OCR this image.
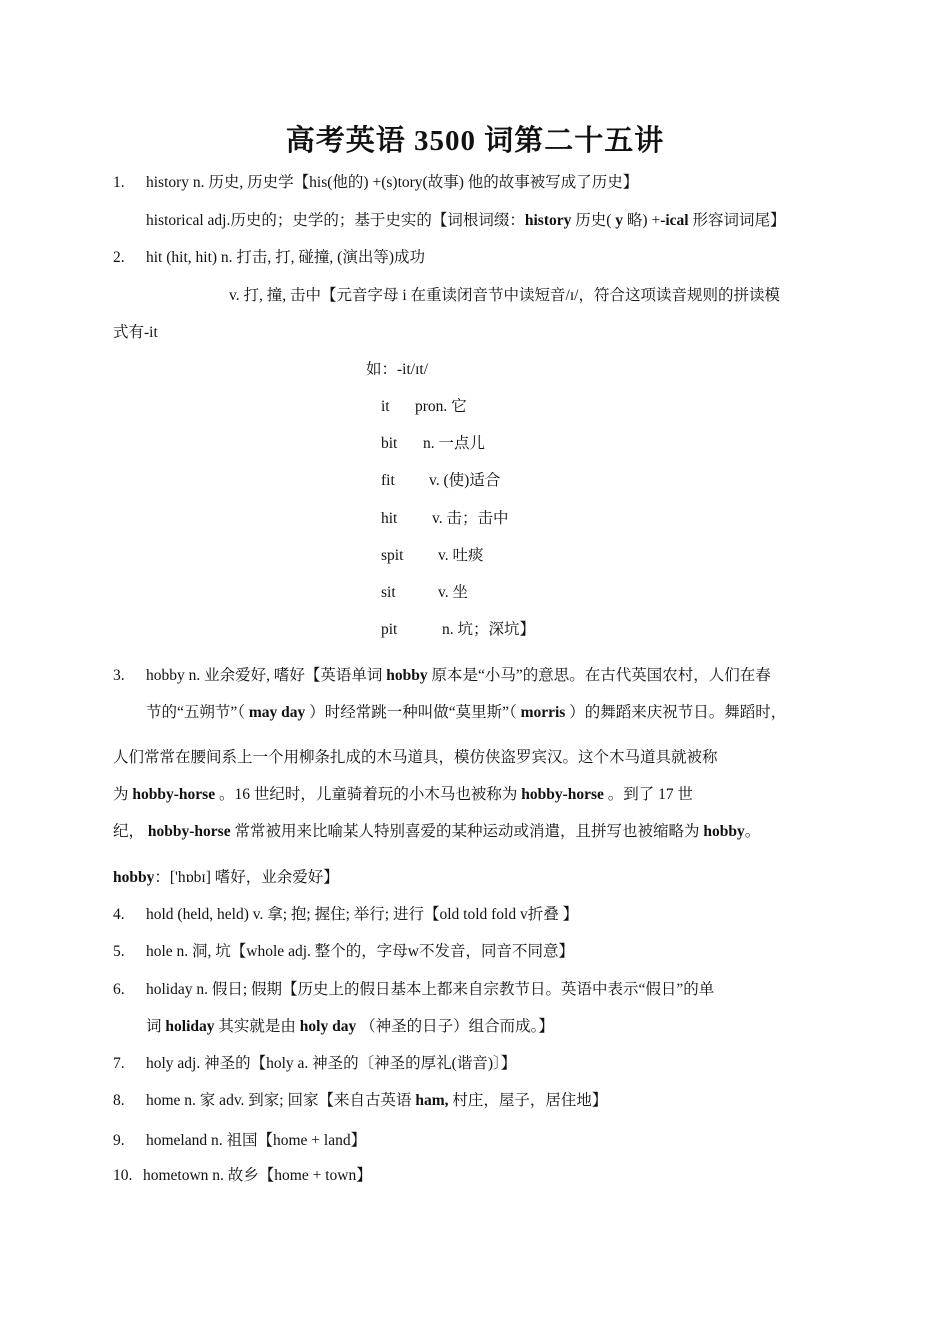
高考英语 3500 词第二十五讲
1. history n. 历史, 历史学【his(他的) +(s)tory(故事) 他的故事被写成了历史】
historical adj.历史的；史学的；基于史实的【词根词缀：history 历史( y 略) +-ical 形容词词尾】
2. hit (hit, hit) n. 打击, 打, 碰撞, (演出等)成功
v. 打, 撞, 击中【元音字母 i 在重读闭音节中读短音/ɪ/，符合这项读音规则的拼读模
式有-it
如：-it/ɪt/
it pron. 它
bit n. 一点儿
fit v. (使)适合
hit v. 击；击中
spit v. 吐痰
sit	v. 坐
pit	n. 坑；深坑】
3. hobby n. 业余爱好, 嗜好【英语单词 hobby 原本是“小马”的意思。在古代英国农村，人们在春
节的“五朔节”（ may day ）时经常跳一种叫做“莫里斯”（ morris ）的舞蹈来庆祝节日。舞蹈时，
人们常常在腰间系上一个用柳条扎成的木马道具，模仿侠盗罗宾汉。这个木马道具就被称
为 hobby-horse 。16 世纪时，儿童骑着玩的小木马也被称为 hobby-horse 。到了 17 世
纪， hobby-horse 常常被用来比喻某人特别喜爱的某种运动或消遣，且拼写也被缩略为 hobby。
hobby：['hɒbɪ] 嗜好，业余爱好】
4. hold (held, held) v. 拿; 抱; 握住; 举行; 进行【old told fold v折叠 】
5. hole n. 洞, 坑【whole adj. 整个的，字母w不发音，同音不同意】
6. holiday n. 假日; 假期【历史上的假日基本上都来自宗教节日。英语中表示“假日”的单
词 holiday 其实就是由 holy day （神圣的日子）组合而成。】
7. holy adj. 神圣的【holy a. 神圣的〔神圣的厚礼(谐音)〕】
8. home n. 家 adv. 到家; 回家【来自古英语 ham, 村庄，屋子，居住地】
9. homeland n. 祖国【home + land】
10. hometown n. 故乡【home + town】
